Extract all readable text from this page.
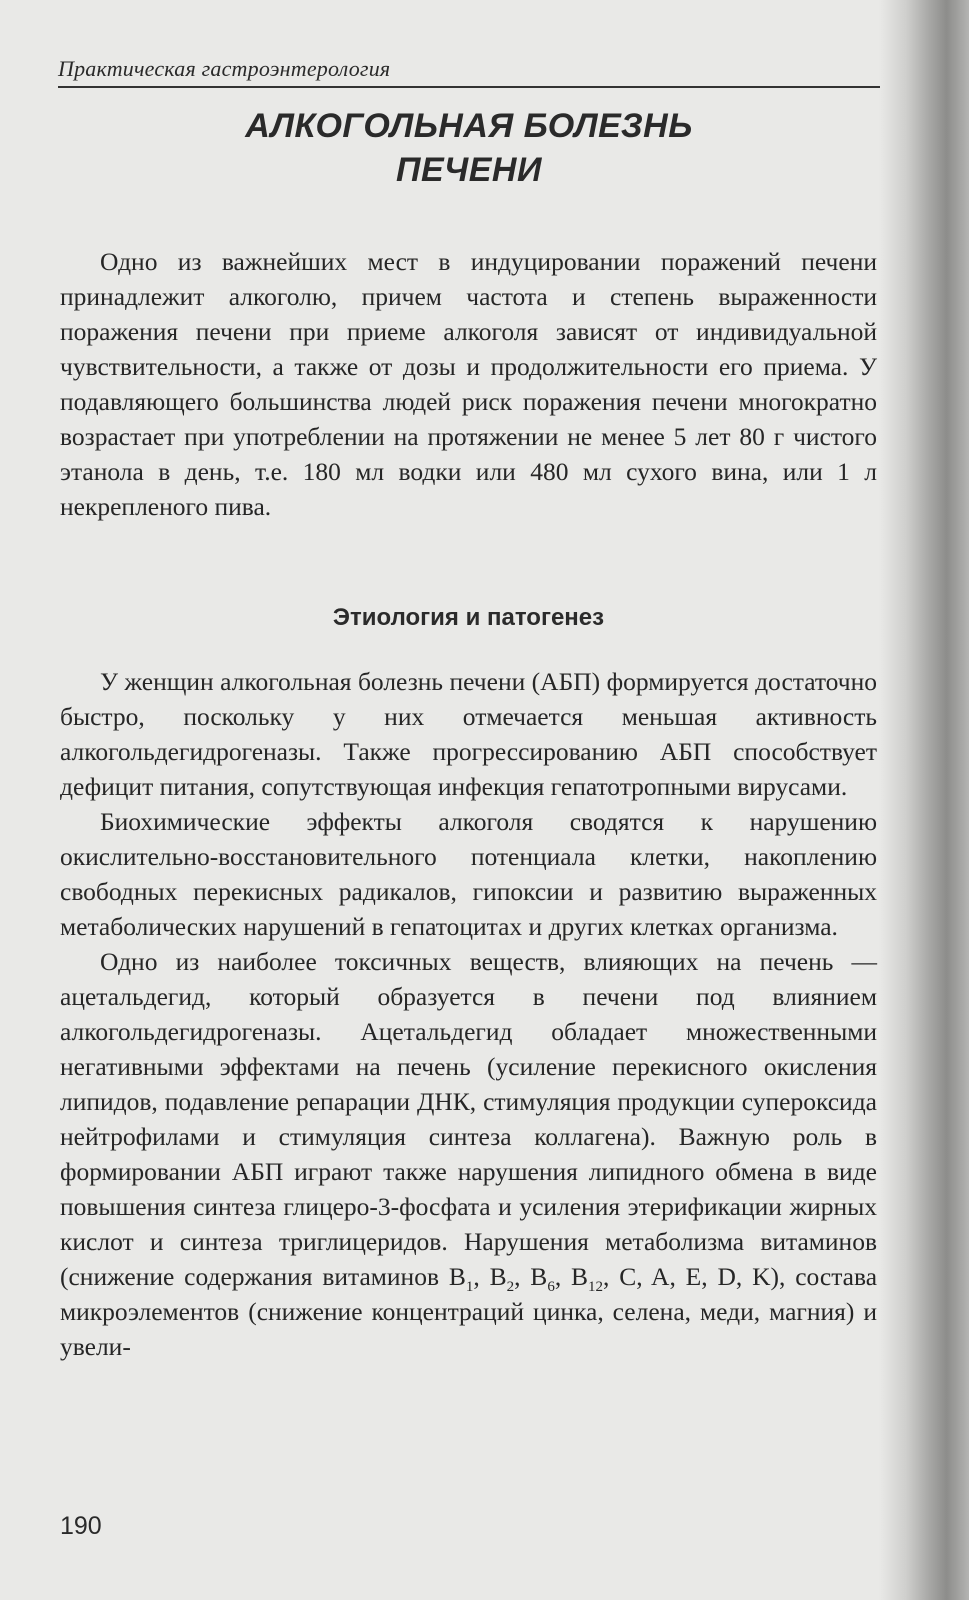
Практическая гастроэнтерология
АЛКОГОЛЬНАЯ БОЛЕЗНЬ
ПЕЧЕНИ

Одно из важнейших мест в индуцировании поражений печени принадлежит алкоголю, причем частота и степень выраженности поражения печени при приеме алкоголя зависят от индивидуальной чувствительности, а также от дозы и продолжительности его приема. У подавляющего большинства людей риск поражения печени многократно возрастает при употреблении на протяжении не менее 5 лет 80 г чистого этанола в день, т.е. 180 мл водки или 480 мл сухого вина, или 1 л некрепленого пива.

Этиология и патогенез

У женщин алкогольная болезнь печени (АБП) формируется достаточно быстро, поскольку у них отмечается меньшая активность алкогольдегидрогеназы. Также прогрессированию АБП способствует дефицит питания, сопутствующая инфекция гепатотропными вирусами.

Биохимические эффекты алкоголя сводятся к нарушению окислительно-восстановительного потенциала клетки, накоплению свободных перекисных радикалов, гипоксии и развитию выраженных метаболических нарушений в гепатоцитах и других клетках организма.

Одно из наиболее токсичных веществ, влияющих на печень — ацетальдегид, который образуется в печени под влиянием алкогольдегидрогеназы. Ацетальдегид обладает множественными негативными эффектами на печень (усиление перекисного окисления липидов, подавление репарации ДНК, стимуляция продукции супероксида нейтрофилами и стимуляция синтеза коллагена). Важную роль в формировании АБП играют также нарушения липидного обмена в виде повышения синтеза глицеро-3-фосфата и усиления этерификации жирных кислот и синтеза триглицеридов. Нарушения метаболизма витаминов (снижение содержания витаминов $B_1$, $B_2$, $B_6$, $B_{12}$, C, A, E, D, K), состава микроэлементов (снижение концентраций цинка, селена, меди, магния) и увели-

190
